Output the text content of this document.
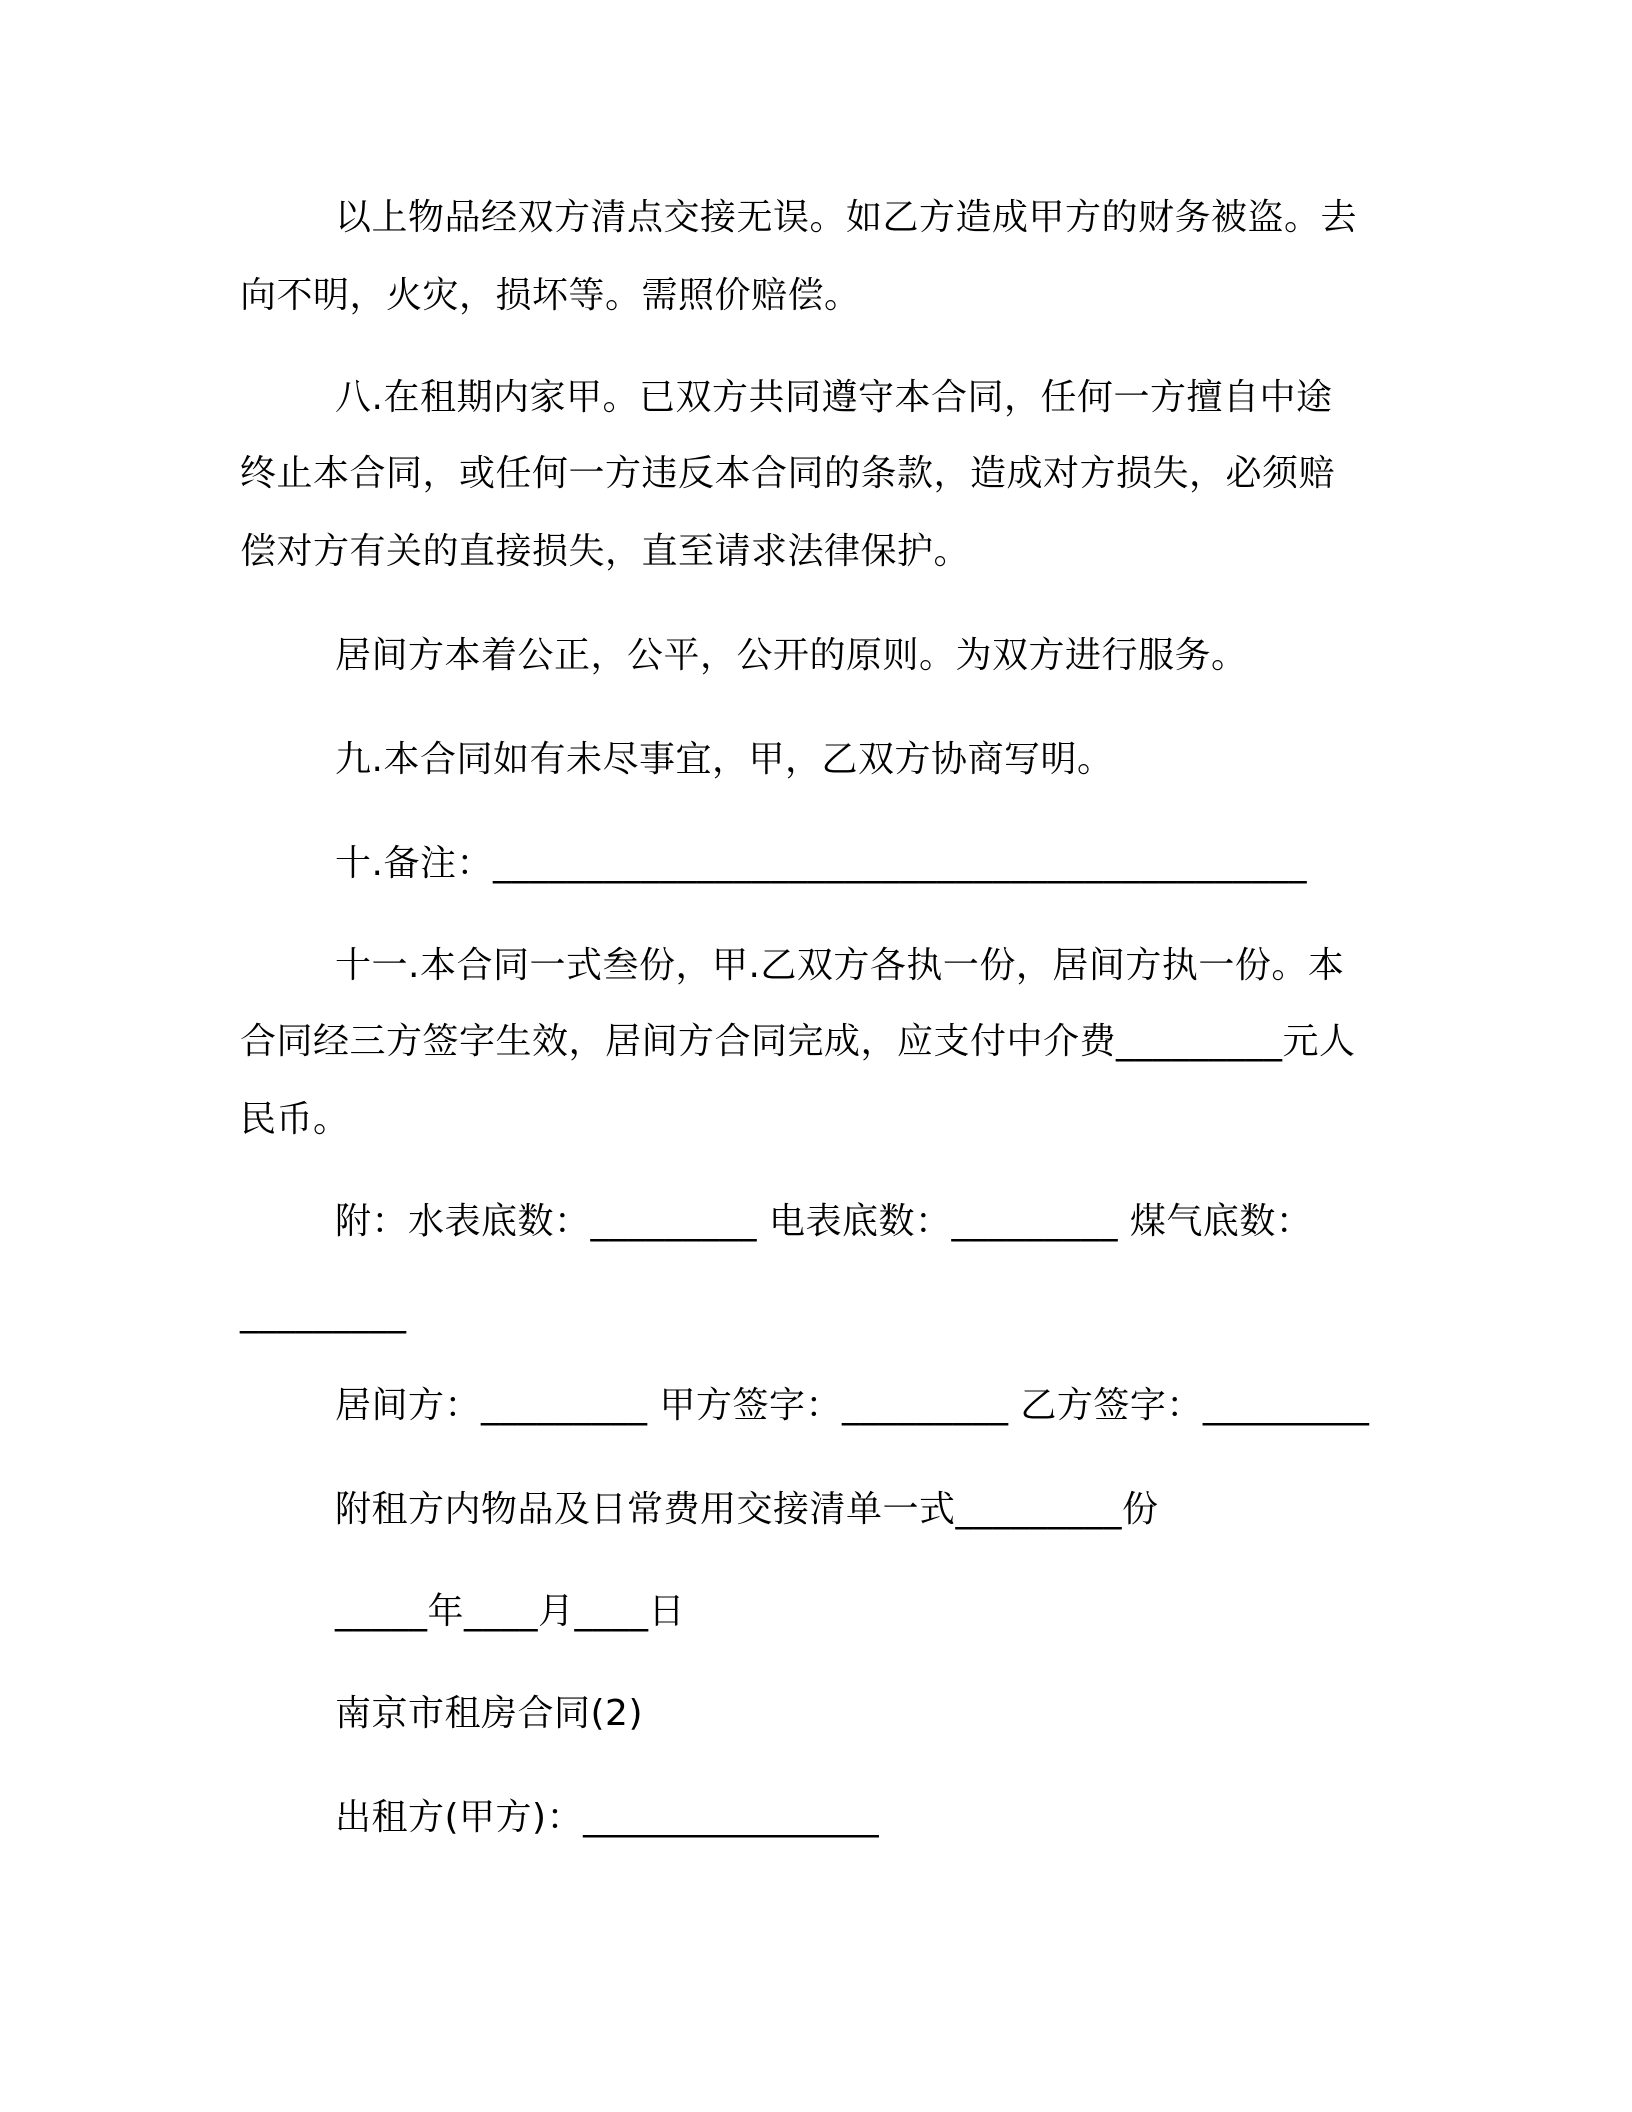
以上物品经双方清点交接无误。如乙方造成甲方的财务被盗。去
向不明，火灾，损坏等。需照价赔偿。
八.在租期内家甲。已双方共同遵守本合同，任何一方擅自中途
终止本合同，或任何一方违反本合同的条款，造成对方损失，必须赔
偿对方有关的直接损失，直至请求法律保护。
居间方本着公正，公平，公开的原则。为双方进行服务。
九.本合同如有未尽事宜，甲，乙双方协商写明。
十.备注：____________________________________________
十一.本合同一式叁份，甲.乙双方各执一份，居间方执一份。本
合同经三方签字生效，居间方合同完成，应支付中介费_________元人
民币。
附：水表底数：_________ 电表底数：_________ 煤气底数：
_________
居间方：_________ 甲方签字：_________ 乙方签字：_________
附租方内物品及日常费用交接清单一式_________份
_____年____月____日
南京市租房合同(2)
出租方(甲方)：________________
